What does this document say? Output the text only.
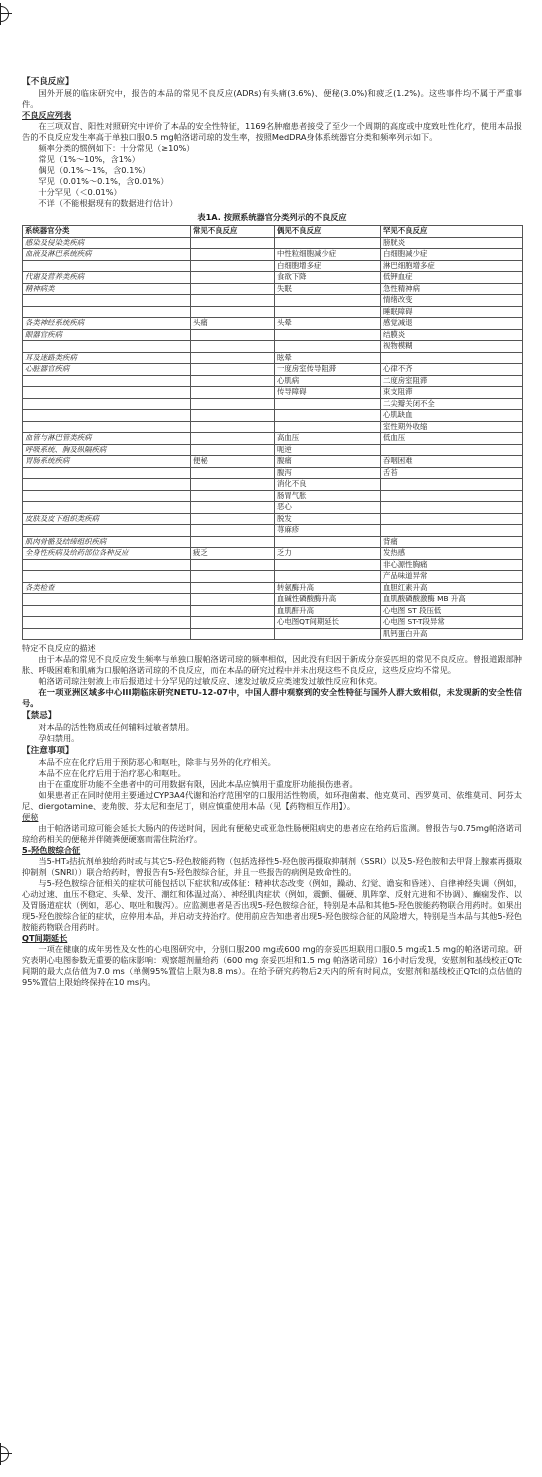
【不良反应】
国外开展的临床研究中，报告的本品的常见不良反应(ADRs)有头痛(3.6%)、便秘(3.0%)和疲乏(1.2%)。这些事件均不属于严重事件。
不良反应列表
在三项双盲、阳性对照研究中评价了本品的安全性特征，1169名肿瘤患者接受了至少一个周期的高度或中度致吐性化疗，使用本品报告的不良反应发生率高于单独口服0.5 mg帕洛诺司琼的发生率，按照MedDRA身体系统器官分类和频率列示如下。
频率分类的惯例如下：十分常见（≥10%）
常见（1%～10%，含1%）
偶见（0.1%～1%，含0.1%）
罕见（0.01%～0.1%，含0.01%）
十分罕见（＜0.01%）
不详（不能根据现有的数据进行估计）
表1A. 按照系统器官分类列示的不良反应
系统器官分类	常见不良反应	偶见不良反应	罕见不良反应
感染及侵染类疾病			膀胱炎
血液及淋巴系统疾病		中性粒细胞减少症	白细胞减少症
		白细胞增多症	淋巴细胞增多症
代谢及营养类疾病		食欲下降	低钾血症
精神病类		失眠	急性精神病
			情绪改变
			睡眠障碍
各类神经系统疾病	头痛	头晕	感觉减退
眼器官疾病			结膜炎
			视物模糊
耳及迷路类疾病		眩晕	
心脏器官疾病		一度房室传导阻滞	心律不齐
		心肌病	二度房室阻滞
		传导障碍	束支阻滞
			二尖瓣关闭不全
			心肌缺血
			室性期外收缩
血管与淋巴管类疾病		高血压	低血压
呼吸系统、胸及纵隔疾病		呃逆	
胃肠系统疾病	便秘	腹痛	吞咽困难
		腹泻	舌苔
		消化不良	
		肠胃气胀	
		恶心	
皮肤及皮下组织类疾病		脱发	
		荨麻疹	
肌肉骨骼及结缔组织疾病			背痛
全身性疾病及给药部位各种反应	疲乏	乏力	发热感
			非心源性胸痛
			产品味道异常
各类检查		转氨酶升高	血胆红素升高
		血碱性磷酸酶升高	血肌酸磷酸激酶 MB 升高
		血肌酐升高	心电图 ST 段压低
		心电图QT间期延长	心电图 ST-T段异常
			肌钙蛋白升高
特定不良反应的描述
由于本品的常见不良反应发生频率与单独口服帕洛诺司琼的频率相似，因此没有归因于新成分奈妥匹坦的常见不良反应。曾报道跟部肿胀、呼吸困难和肌痛为口服帕洛诺司琼的不良反应，而在本品的研究过程中并未出现这些不良反应，这些反应均不常见。
帕洛诺司琼注射液上市后报道过十分罕见的过敏反应、速发过敏反应类速发过敏性反应和休克。
在一项亚洲区域多中心III期临床研究NETU-12-07中，中国人群中观察到的安全性特征与国外人群大致相似，未发现新的安全性信号。
【禁忌】
对本品的活性物质或任何辅料过敏者禁用。
孕妇禁用。
【注意事项】
本品不应在化疗后用于预防恶心和呕吐，除非与另外的化疗相关。
本品不应在化疗后用于治疗恶心和呕吐。
由于在重度肝功能不全患者中的可用数据有限，因此本品应慎用于重度肝功能损伤患者。
如果患者正在同时使用主要通过CYP3A4代谢和治疗范围窄的口服用活性物质，如环孢菌素、他克莫司、西罗莫司、依维莫司、阿芬太尼、diergotamine、麦角胺、芬太尼和奎尼丁，则应慎重使用本品（见【药物相互作用】）。
便秘
由于帕洛诺司琼可能会延长大肠内的传送时间，因此有便秘史或亚急性肠梗阻病史的患者应在给药后监测。曾报告与0.75mg帕洛诺司琼给药相关的便秘并伴随粪便硬塞而需住院治疗。
5-羟色胺综合征
当5-HT₃拮抗剂单独给药时或与其它5-羟色胺能药物（包括选择性5-羟色胺再摄取抑制剂（SSRI）以及5-羟色胺和去甲肾上腺素再摄取抑制剂（SNRI））联合给药时，曾报告有5-羟色胺综合征，并且一些报告的病例是致命性的。
与5-羟色胺综合征相关的症状可能包括以下症状和/或体征：精神状态改变（例如，躁动、幻觉、谵妄和昏迷）、自律神经失调（例如，心动过速、血压不稳定、头晕、发汗、潮红和体温过高）、神经肌肉症状（例如，震颤、僵硬、肌阵挛、反射亢进和不协调）、癫痫发作、以及胃肠道症状（例如，恶心、呕吐和腹泻）。应监测患者是否出现5-羟色胺综合征，特别是本品和其他5-羟色胺能药物联合用药时。如果出现5-羟色胺综合征的症状，应停用本品，并启动支持治疗。使用前应告知患者出现5-羟色胺综合征的风险增大，特别是当本品与其他5-羟色胺能药物联合用药时。
QT间期延长
一项在健康的成年男性及女性的心电图研究中，分别口服200 mg或600 mg的奈妥匹坦联用口服0.5 mg或1.5 mg的帕洛诺司琼。研究表明心电图参数无重要的临床影响：观察超剂量给药（600 mg 奈妥匹坦和1.5 mg 帕洛诺司琼）16小时后发现，安慰剂和基线校正QTc间期的最大点估值为7.0 ms（单侧95%置信上限为8.8 ms）。在给予研究药物后2天内的所有时间点，安慰剂和基线校正QTcl的点估值的95%置信上限始终保持在10 ms内。
